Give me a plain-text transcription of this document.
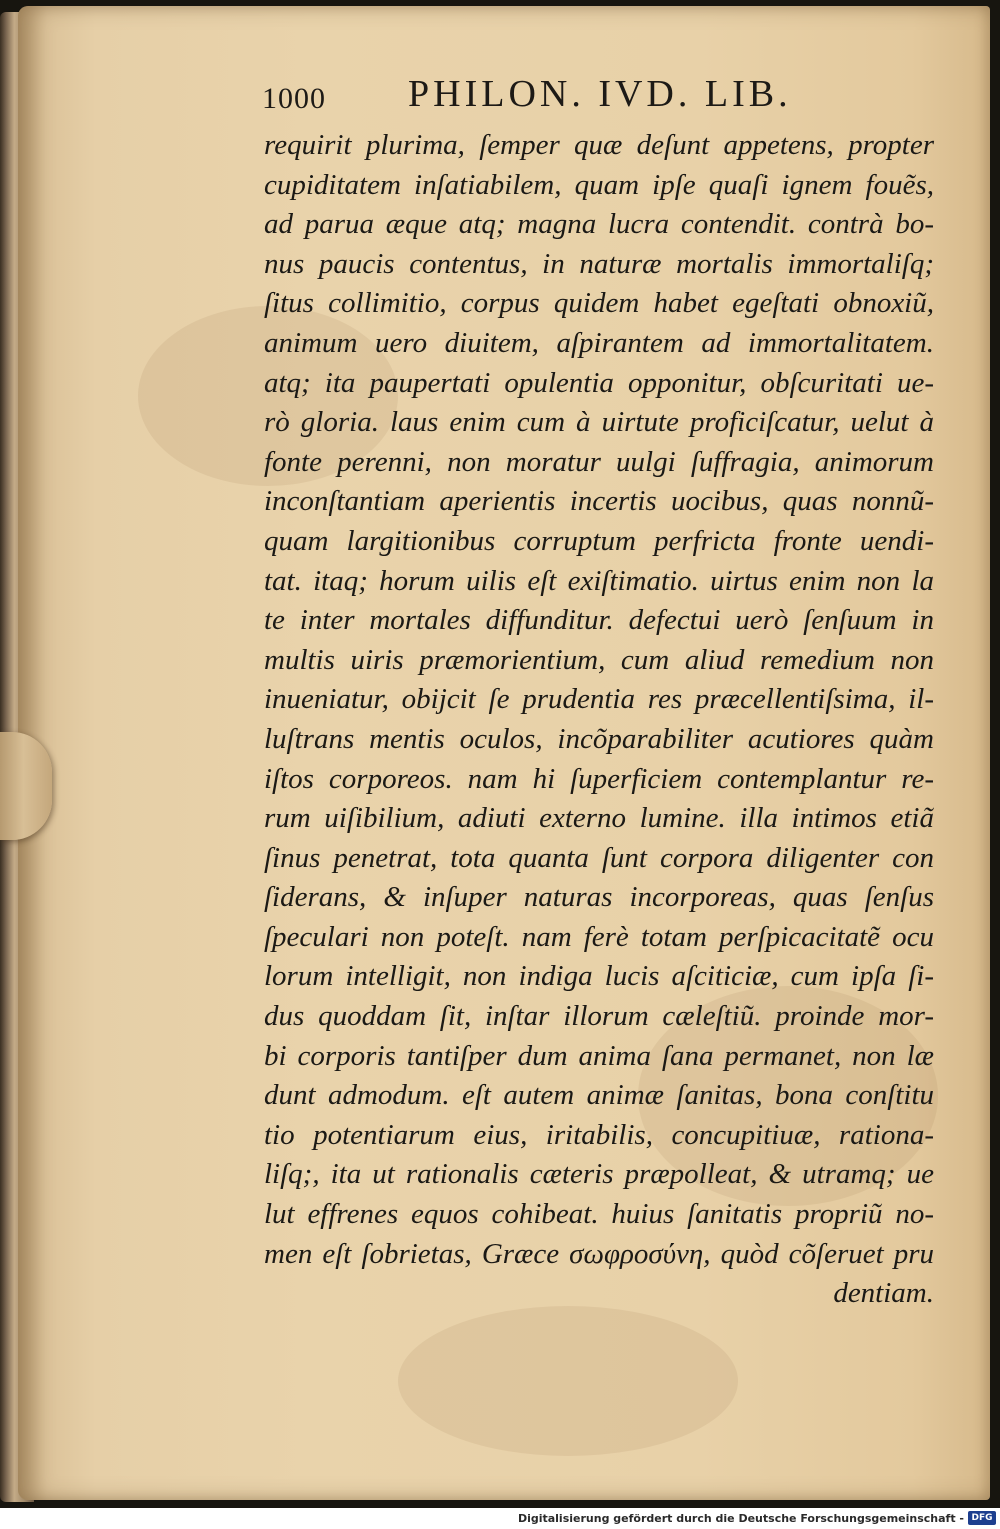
1000 PHILON. IVD. LIB.
requirit plurima, ſemper quæ deſunt appetens, propter
cupiditatem inſatiabilem, quam ipſe quaſi ignem fouẽs,
ad parua æque atq; magna lucra contendit. contrà bo-
nus paucis contentus, in naturæ mortalis immortaliſq;
ſitus collimitio, corpus quidem habet egeſtati obnoxiũ,
animum uero diuitem, aſpirantem ad immortalitatem.
atq; ita paupertati opulentia opponitur, obſcuritati ue-
rò gloria. laus enim cum à uirtute proficiſcatur, uelut à
fonte perenni, non moratur uulgi ſuffragia, animorum
inconſtantiam aperientis incertis uocibus, quas nonnũ-
quam largitionibus corruptum perfricta fronte uendi-
tat. itaq; horum uilis eſt exiſtimatio. uirtus enim non la
te inter mortales diffunditur. defectui uerò ſenſuum in
multis uiris præmorientium, cum aliud remedium non
inueniatur, obijcit ſe prudentia res præcellentiſsima, il-
luſtrans mentis oculos, incõparabiliter acutiores quàm
iſtos corporeos. nam hi ſuperficiem contemplantur re-
rum uiſibilium, adiuti externo lumine. illa intimos etiã
ſinus penetrat, tota quanta ſunt corpora diligenter con
ſiderans, & inſuper naturas incorporeas, quas ſenſus
ſpeculari non poteſt. nam ferè totam perſpicacitatẽ ocu
lorum intelligit, non indiga lucis aſciticiæ, cum ipſa ſi-
dus quoddam ſit, inſtar illorum cæleſtiũ. proinde mor-
bi corporis tantiſper dum anima ſana permanet, non læ
dunt admodum. eſt autem animæ ſanitas, bona conſtitu
tio potentiarum eius, iritabilis, concupitiuæ, rationa-
liſq;, ita ut rationalis cæteris præpolleat, & utramq; ue
lut effrenes equos cohibeat. huius ſanitatis propriũ no-
men eſt ſobrietas, Græce σωφροσύνη, quòd cõſeruet pru
dentiam.
Digitalisierung gefördert durch die Deutsche Forschungsgemeinschaft - DFG
